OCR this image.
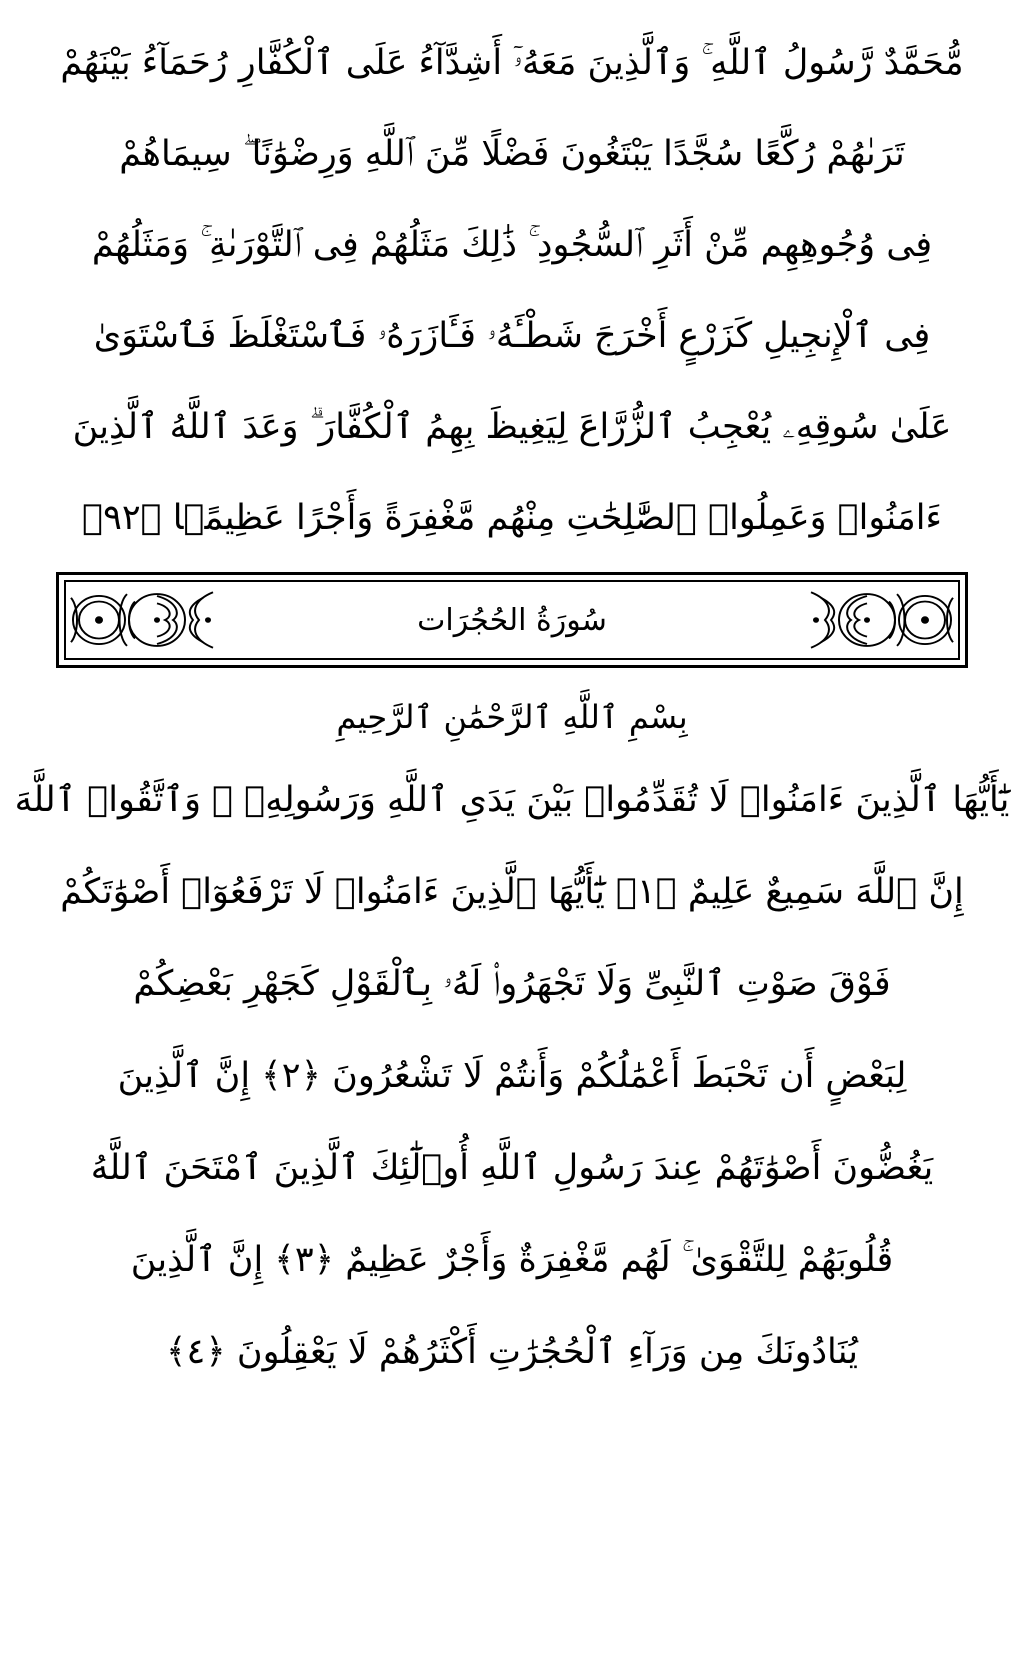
مُّحَمَّدٌ رَّسُولُ ٱللَّهِ ۚ وَٱلَّذِينَ مَعَهُۥٓ أَشِدَّآءُ عَلَى ٱلْكُفَّارِ رُحَمَآءُ بَيْنَهُمْ
تَرَىٰهُمْ رُكَّعًا سُجَّدًا يَبْتَغُونَ فَضْلًا مِّنَ ٱللَّهِ وَرِضْوَٰنًا ۖ سِيمَاهُمْ
فِى وُجُوهِهِم مِّنْ أَثَرِ ٱلسُّجُودِ ۚ ذَٰلِكَ مَثَلُهُمْ فِى ٱلتَّوْرَىٰةِ ۚ وَمَثَلُهُمْ
فِى ٱلْإِنجِيلِ كَزَرْعٍ أَخْرَجَ شَطْـَٔهُۥ فَـَٔازَرَهُۥ فَٱسْتَغْلَظَ فَٱسْتَوَىٰ
عَلَىٰ سُوقِهِۦ يُعْجِبُ ٱلزُّرَّاعَ لِيَغِيظَ بِهِمُ ٱلْكُفَّارَ ۗ وَعَدَ ٱللَّهُ ٱلَّذِينَ
ءَامَنُوا۟ وَعَمِلُوا۟ ٱلصَّٰلِحَٰتِ مِنْهُم مَّغْفِرَةً وَأَجْرًا عَظِيمًۢا ﴿٢٩﴾
سُورَةُ الحُجُرَات
بِسْمِ ٱللَّهِ ٱلرَّحْمَٰنِ ٱلرَّحِيمِ
يَٰٓأَيُّهَا ٱلَّذِينَ ءَامَنُوا۟ لَا تُقَدِّمُوا۟ بَيْنَ يَدَىِ ٱللَّهِ وَرَسُولِهِۦ ۖ وَٱتَّقُوا۟ ٱللَّهَ
إِنَّ ٱللَّهَ سَمِيعٌ عَلِيمٌ ﴿١﴾ يَٰٓأَيُّهَا ٱلَّذِينَ ءَامَنُوا۟ لَا تَرْفَعُوٓا۟ أَصْوَٰتَكُمْ
فَوْقَ صَوْتِ ٱلنَّبِىِّ وَلَا تَجْهَرُوا۟ لَهُۥ بِٱلْقَوْلِ كَجَهْرِ بَعْضِكُمْ
لِبَعْضٍ أَن تَحْبَطَ أَعْمَٰلُكُمْ وَأَنتُمْ لَا تَشْعُرُونَ ﴿٢﴾ إِنَّ ٱلَّذِينَ
يَغُضُّونَ أَصْوَٰتَهُمْ عِندَ رَسُولِ ٱللَّهِ أُو۟لَٰٓئِكَ ٱلَّذِينَ ٱمْتَحَنَ ٱللَّهُ
قُلُوبَهُمْ لِلتَّقْوَىٰ ۚ لَهُم مَّغْفِرَةٌ وَأَجْرٌ عَظِيمٌ ﴿٣﴾ إِنَّ ٱلَّذِينَ
يُنَادُونَكَ مِن وَرَآءِ ٱلْحُجُرَٰتِ أَكْثَرُهُمْ لَا يَعْقِلُونَ ﴿٤﴾
